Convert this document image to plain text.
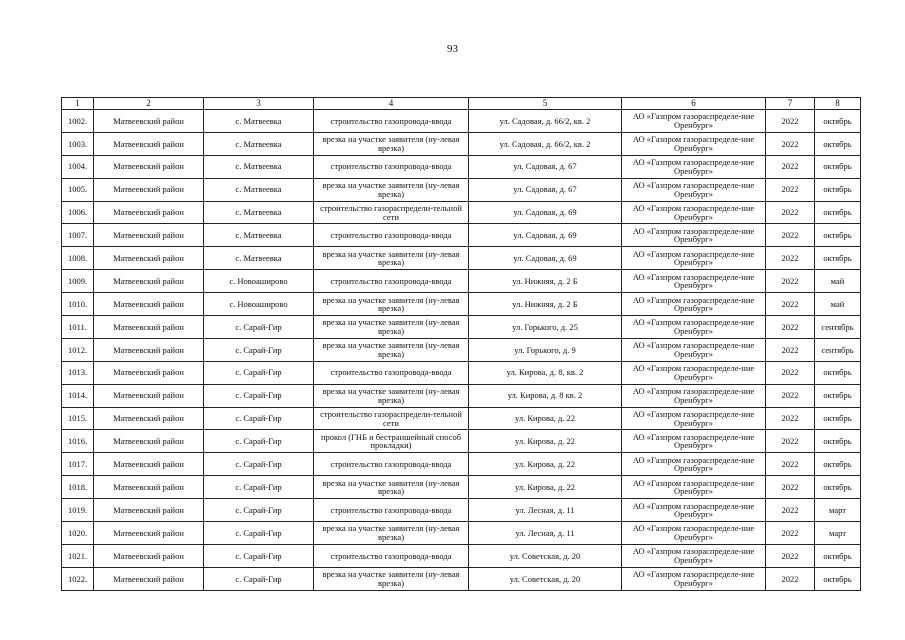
93
1	2	3	4	5	6	7	8
1002.	Матвеевский район	с. Матвеевка	строительство газопровода-ввода	ул. Садовая, д. 66/2, кв. 2	АО «Газпром газораспределе-ние Оренбург»	2022	октябрь
1003.	Матвеевский район	с. Матвеевка	врезка на участке заявителя (ну-левая врезка)	ул. Садовая, д. 66/2, кв. 2	АО «Газпром газораспределе-ние Оренбург»	2022	октябрь
1004.	Матвеевский район	с. Матвеевка	строительство газопровода-ввода	ул. Садовая, д. 67	АО «Газпром газораспределе-ние Оренбург»	2022	октябрь
1005.	Матвеевский район	с. Матвеевка	врезка на участке заявителя (ну-левая врезка)	ул. Садовая, д. 67	АО «Газпром газораспределе-ние Оренбург»	2022	октябрь
1006.	Матвеевский район	с. Матвеевка	строительство газораспредели-тельной сети	ул. Садовая, д. 69	АО «Газпром газораспределе-ние Оренбург»	2022	октябрь
1007.	Матвеевский район	с. Матвеевка	строительство газопровода-ввода	ул. Садовая, д. 69	АО «Газпром газораспределе-ние Оренбург»	2022	октябрь
1008.	Матвеевский район	с. Матвеевка	врезка на участке заявителя (ну-левая врезка)	ул. Садовая, д. 69	АО «Газпром газораспределе-ние Оренбург»	2022	октябрь
1009.	Матвеевский район	с. Новоаширово	строительство газопровода-ввода	ул. Нижняя, д. 2 Б	АО «Газпром газораспределе-ние Оренбург»	2022	май
1010.	Матвеевский район	с. Новоаширово	врезка на участке заявителя (ну-левая врезка)	ул. Нижняя, д. 2 Б	АО «Газпром газораспределе-ние Оренбург»	2022	май
1011.	Матвеевский район	с. Сарай-Гир	врезка на участке заявителя (ну-левая врезка)	ул. Горького, д. 25	АО «Газпром газораспределе-ние Оренбург»	2022	сентябрь
1012.	Матвеевский район	с. Сарай-Гир	врезка на участке заявителя (ну-левая врезка)	ул. Горького, д. 9	АО «Газпром газораспределе-ние Оренбург»	2022	сентябрь
1013.	Матвеевский район	с. Сарай-Гир	строительство газопровода-ввода	ул. Кирова, д. 8, кв. 2	АО «Газпром газораспределе-ние Оренбург»	2022	октябрь
1014.	Матвеевский район	с. Сарай-Гир	врезка на участке заявителя (ну-левая врезка)	ул. Кирова, д. 8 кв. 2	АО «Газпром газораспределе-ние Оренбург»	2022	октябрь
1015.	Матвеевский район	с. Сарай-Гир	строительство газораспредели-тельной сети	ул. Кирова, д. 22	АО «Газпром газораспределе-ние Оренбург»	2022	октябрь
1016.	Матвеевский район	с. Сарай-Гир	прокол (ГНБ и бестраншейный способ прокладки)	ул. Кирова, д. 22	АО «Газпром газораспределе-ние Оренбург»	2022	октябрь
1017.	Матвеевский район	с. Сарай-Гир	строительство газопровода-ввода	ул. Кирова, д. 22	АО «Газпром газораспределе-ние Оренбург»	2022	октябрь
1018.	Матвеевский район	с. Сарай-Гир	врезка на участке заявителя (ну-левая врезка)	ул. Кирова, д. 22	АО «Газпром газораспределе-ние Оренбург»	2022	октябрь
1019.	Матвеевский район	с. Сарай-Гир	строительство газопровода-ввода	ул. Лесная, д. 11	АО «Газпром газораспределе-ние Оренбург»	2022	март
1020.	Матвеевский район	с. Сарай-Гир	врезка на участке заявителя (ну-левая врезка)	ул. Лесная, д. 11	АО «Газпром газораспределе-ние Оренбург»	2022	март
1021.	Матвеевский район	с. Сарай-Гир	строительство газопровода-ввода	ул. Советская, д. 20	АО «Газпром газораспределе-ние Оренбург»	2022	октябрь
1022.	Матвеевский район	с. Сарай-Гир	врезка на участке заявителя (ну-левая врезка)	ул. Советская, д. 20	АО «Газпром газораспределе-ние Оренбург»	2022	октябрь
